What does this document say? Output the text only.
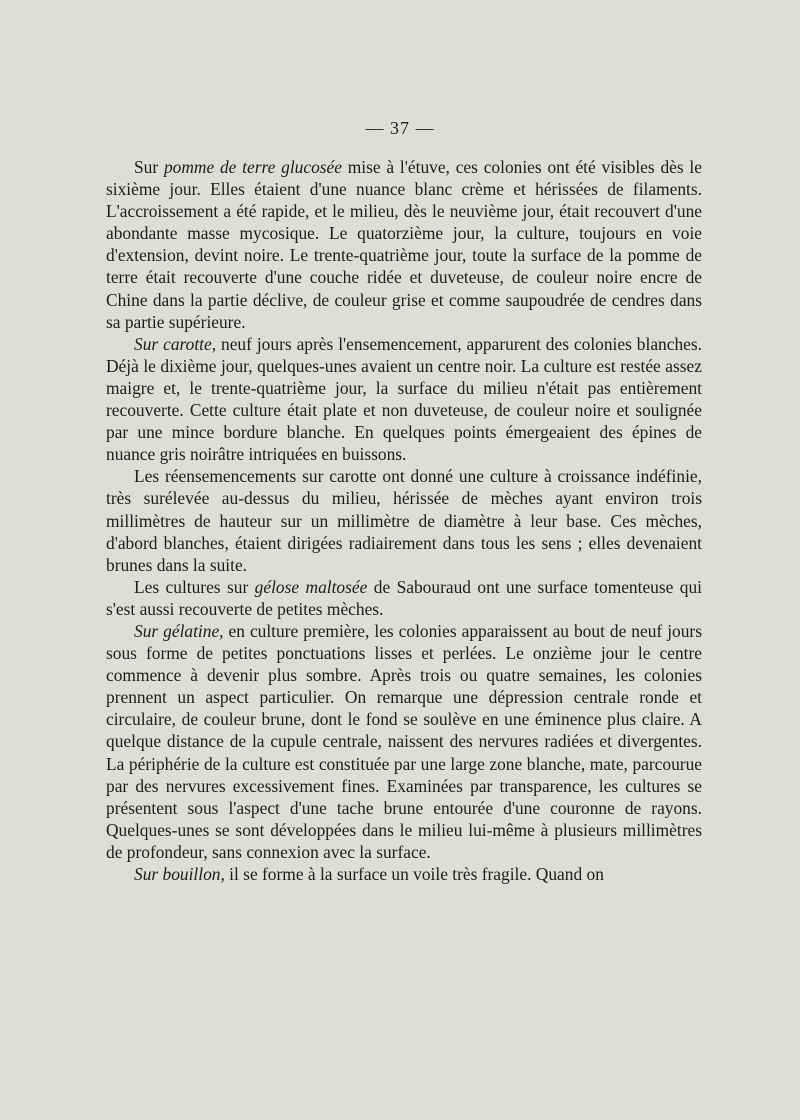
— 37 —

Sur pomme de terre glucosée mise à l'étuve, ces colonies ont été visibles dès le sixième jour. Elles étaient d'une nuance blanc crème et hérissées de filaments. L'accroissement a été rapide, et le milieu, dès le neuvième jour, était recouvert d'une abondante masse mycosique. Le quatorzième jour, la culture, toujours en voie d'extension, devint noire. Le trente-quatrième jour, toute la surface de la pomme de terre était recouverte d'une couche ridée et duveteuse, de couleur noire encre de Chine dans la partie déclive, de couleur grise et comme saupoudrée de cendres dans sa partie supérieure.

Sur carotte, neuf jours après l'ensemencement, apparurent des colonies blanches. Déjà le dixième jour, quelques-unes avaient un centre noir. La culture est restée assez maigre et, le trente-quatrième jour, la surface du milieu n'était pas entièrement recouverte. Cette culture était plate et non duveteuse, de couleur noire et soulignée par une mince bordure blanche. En quelques points émergeaient des épines de nuance gris noirâtre intriquées en buissons.

Les réensemencements sur carotte ont donné une culture à croissance indéfinie, très surélevée au-dessus du milieu, hérissée de mèches ayant environ trois millimètres de hauteur sur un millimètre de diamètre à leur base. Ces mèches, d'abord blanches, étaient dirigées radiairement dans tous les sens ; elles devenaient brunes dans la suite.

Les cultures sur gélose maltosée de Sabouraud ont une surface tomenteuse qui s'est aussi recouverte de petites mèches.

Sur gélatine, en culture première, les colonies apparaissent au bout de neuf jours sous forme de petites ponctuations lisses et perlées. Le onzième jour le centre commence à devenir plus sombre. Après trois ou quatre semaines, les colonies prennent un aspect particulier. On remarque une dépression centrale ronde et circulaire, de couleur brune, dont le fond se soulève en une éminence plus claire. A quelque distance de la cupule centrale, naissent des nervures radiées et divergentes. La périphérie de la culture est constituée par une large zone blanche, mate, parcourue par des nervures excessivement fines. Examinées par transparence, les cultures se présentent sous l'aspect d'une tache brune entourée d'une couronne de rayons. Quelques-unes se sont développées dans le milieu lui-même à plusieurs millimètres de profondeur, sans connexion avec la surface.

Sur bouillon, il se forme à la surface un voile très fragile. Quand on
